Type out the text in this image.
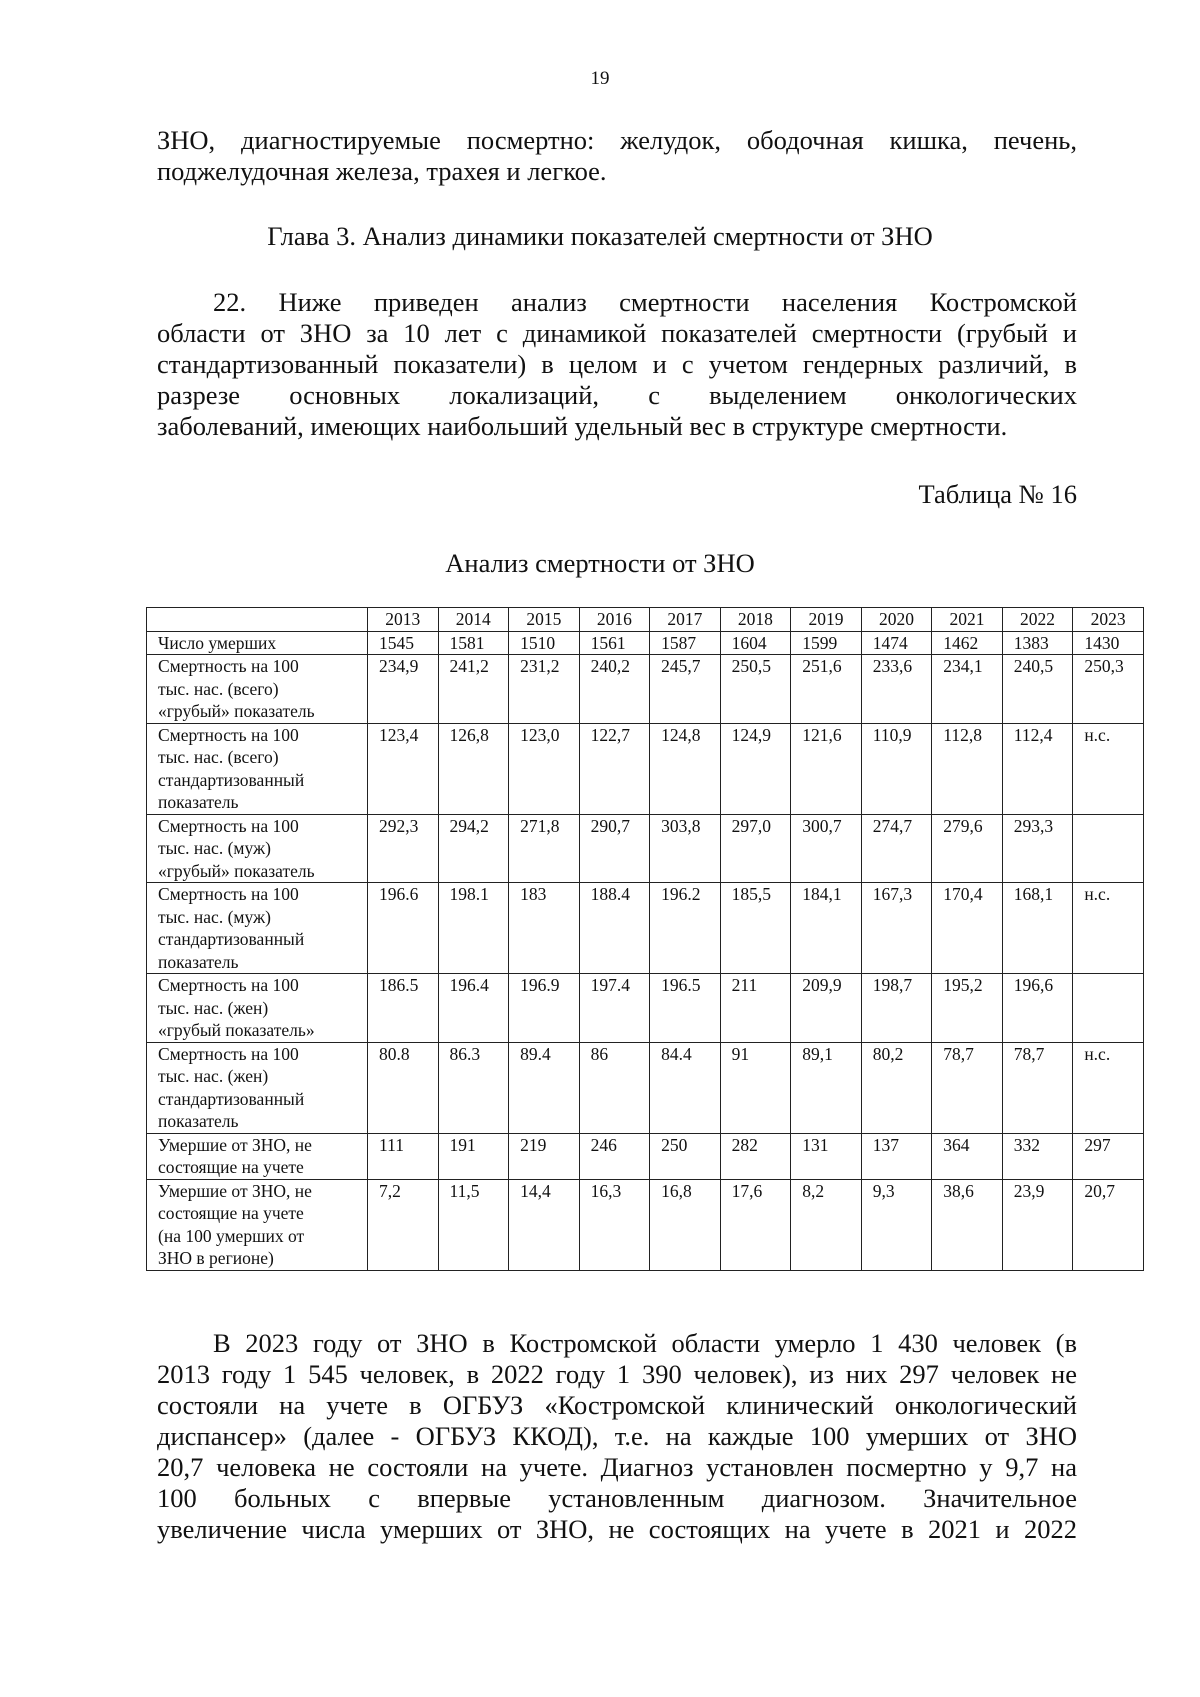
19
ЗНО, диагностируемые посмертно: желудок, ободочная кишка, печень,
поджелудочная железа, трахея и легкое.
Глава 3. Анализ динамики показателей смертности от ЗНО
22. Ниже приведен анализ смертности населения Костромской
области от ЗНО за 10 лет с динамикой показателей смертности (грубый и
стандартизованный показатели) в целом и с учетом гендерных различий, в
разрезе основных локализаций, с выделением онкологических
заболеваний, имеющих наибольший удельный вес в структуре смертности.
Таблица № 16
Анализ смертности от ЗНО
	2013	2014	2015	2016	2017	2018	2019	2020	2021	2022	2023

Число умерших	1545	1581	1510	1561	1587	1604	1599	1474	1462	1383	1430

Смертность на 100
тыс. нас. (всего)
«грубый» показатель	234,9	241,2	231,2	240,2	245,7	250,5	251,6	233,6	234,1	240,5	250,3

Смертность на 100
тыс. нас. (всего)
стандартизованный
показатель	123,4	126,8	123,0	122,7	124,8	124,9	121,6	110,9	112,8	112,4	н.с.

Смертность на 100
тыс. нас. (муж)
«грубый» показатель	292,3	294,2	271,8	290,7	303,8	297,0	300,7	274,7	279,6	293,3	

Смертность на 100
тыс. нас. (муж)
стандартизованный
показатель	196.6	198.1	183	188.4	196.2	185,5	184,1	167,3	170,4	168,1	н.с.

Смертность на 100
тыс. нас. (жен)
«грубый показатель»	186.5	196.4	196.9	197.4	196.5	211	209,9	198,7	195,2	196,6	

Смертность на 100
тыс. нас. (жен)
стандартизованный
показатель	80.8	86.3	89.4	86	84.4	91	89,1	80,2	78,7	78,7	н.с.

Умершие от ЗНО, не
состоящие на учете	111	191	219	246	250	282	131	137	364	332	297

Умершие от ЗНО, не
состоящие на учете
(на 100 умерших от
ЗНО в регионе)	7,2	11,5	14,4	16,3	16,8	17,6	8,2	9,3	38,6	23,9	20,7
В 2023 году от ЗНО в Костромской области умерло 1 430 человек (в
2013 году 1 545 человек, в 2022 году 1 390 человек), из них 297 человек не
состояли на учете в ОГБУЗ «Костромской клинический онкологический
диспансер» (далее - ОГБУЗ ККОД), т.е. на каждые 100 умерших от ЗНО
20,7 человека не состояли на учете. Диагноз установлен посмертно у 9,7 на
100 больных с впервые установленным диагнозом. Значительное
увеличение числа умерших от ЗНО, не состоящих на учете в 2021 и 2022
